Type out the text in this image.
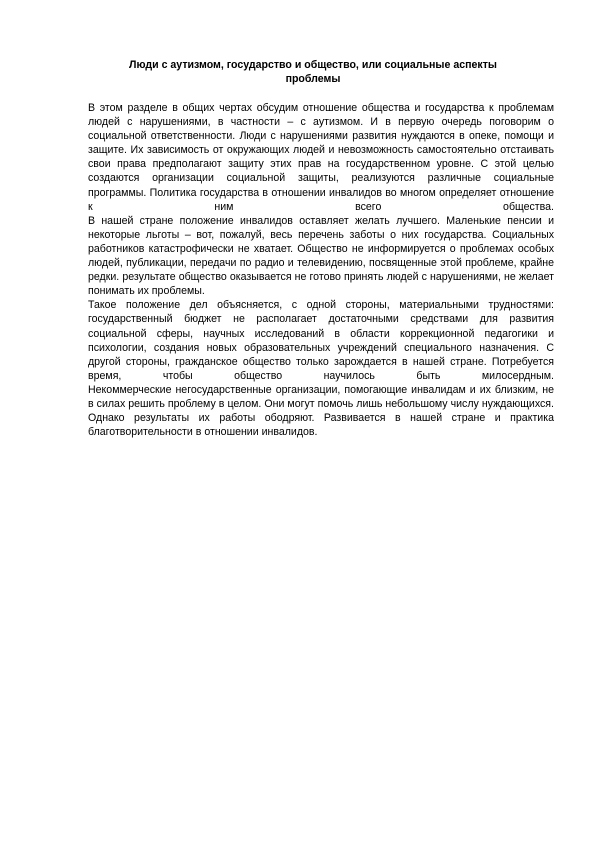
Люди с аутизмом, государство и общество, или социальные аспекты проблемы

В этом разделе в общих чертах обсудим отношение общества и государства к проблемам людей с нарушениями, в частности – с аутизмом. И в первую очередь поговорим о социальной ответственности. Люди с нарушениями развития нуждаются в опеке, помощи и защите. Их зависимость от окружающих людей и невозможность самостоятельно отстаивать свои права предполагают защиту этих прав на государственном уровне. С этой целью создаются организации социальной защиты, реализуются различные социальные программы. Политика государства в отношении инвалидов во многом определяет отношение к ним всего общества.

В нашей стране положение инвалидов оставляет желать лучшего. Маленькие пенсии и некоторые льготы – вот, пожалуй, весь перечень заботы о них государства. Социальных работников катастрофически не хватает. Общество не информируется о проблемах особых людей, публикации, передачи по радио и телевидению, посвященные этой проблеме, крайне редки. результате общество оказывается не готово принять людей с нарушениями, не желает понимать их проблемы.

Такое положение дел объясняется, с одной стороны, материальными трудностями: государственный бюджет не располагает достаточными средствами для развития социальной сферы, научных исследований в области коррекционной педагогики и психологии, создания новых образовательных учреждений специального назначения. С другой стороны, гражданское общество только зарождается в нашей стране. Потребуется время, чтобы общество научилось быть милосердным.

Некоммерческие негосударственные организации, помогающие инвалидам и их близким, не в силах решить проблему в целом. Они могут помочь лишь небольшому числу нуждающихся. Однако результаты их работы ободряют. Развивается в нашей стране и практика благотворительности в отношении инвалидов.
